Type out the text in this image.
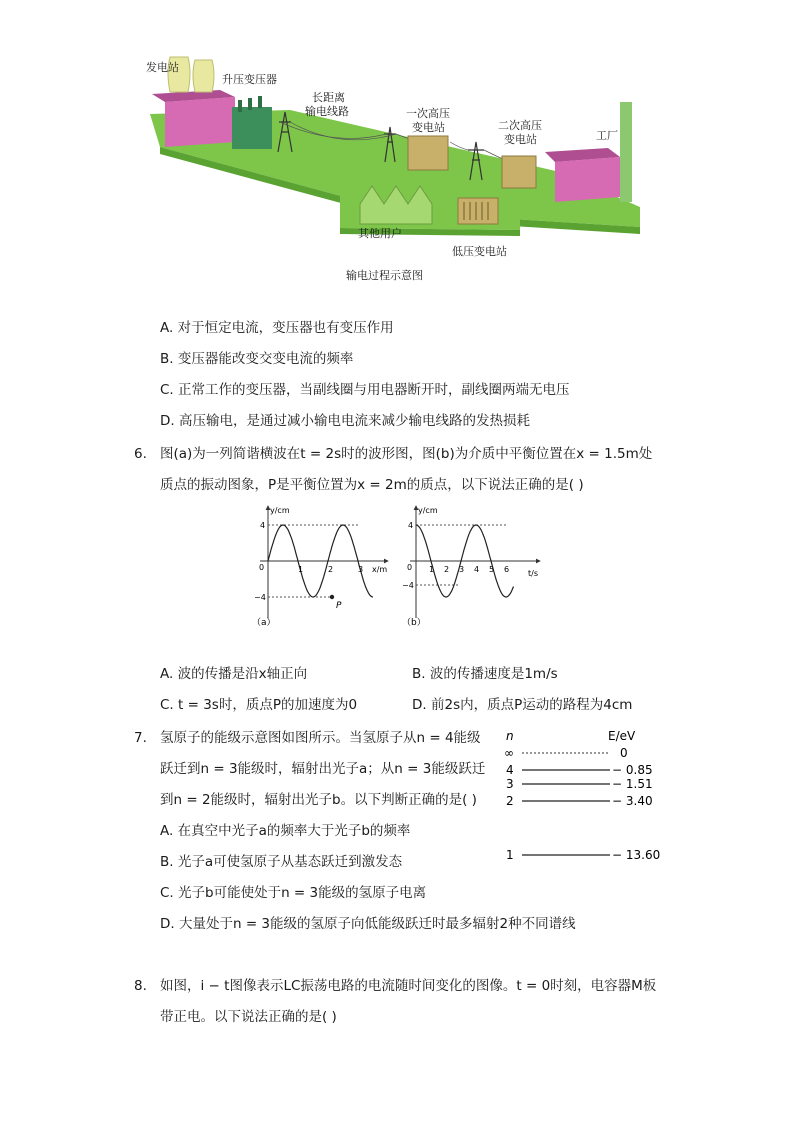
发电站
升压变压器
长距离
输电线路	一次高压
变电站	二次高压
变电站	工厂
其他用户
低压变电站
输电过程示意图
A. 对于恒定电流，变压器也有变压作用
B. 变压器能改变交变电流的频率
C. 正常工作的变压器，当副线圈与用电器断开时，副线圈两端无电压
D. 高压输电，是通过减小输电电流来减少输电线路的发热损耗
6. 图(a)为一列简谐横波在t = 2s时的波形图，图(b)为介质中平衡位置在x = 1.5m处
质点的振动图象，P是平衡位置为x = 2m的质点，以下说法正确的是( )
y/cm
x/m
4
0
−4
1	2	3
P
（a）
y/cm
t/s
4
0
−4
1 2 3 4 5 6
（b）
A. 波的传播是沿x轴正向	B. 波的传播速度是1m/s
C. t = 3s时，质点P的加速度为0	D. 前2s内，质点P运动的路程为4cm
7. 氢原子的能级示意图如图所示。当氢原子从n = 4能级
跃迁到n = 3能级时，辐射出光子a；从n = 3能级跃迁
到n = 2能级时，辐射出光子b。以下判断正确的是( )
A. 在真空中光子a的频率大于光子b的频率
B. 光子a可使氢原子从基态跃迁到激发态
C. 光子b可能使处于n = 3能级的氢原子电离
D. 大量处于n = 3能级的氢原子向低能级跃迁时最多辐射2种不同谱线
n	E/eV
∞	0
4	− 0.85
3	− 1.51
2	− 3.40
1	− 13.60
8. 如图，i − t图像表示LC振荡电路的电流随时间变化的图像。t = 0时刻，电容器M板
带正电。以下说法正确的是( )
